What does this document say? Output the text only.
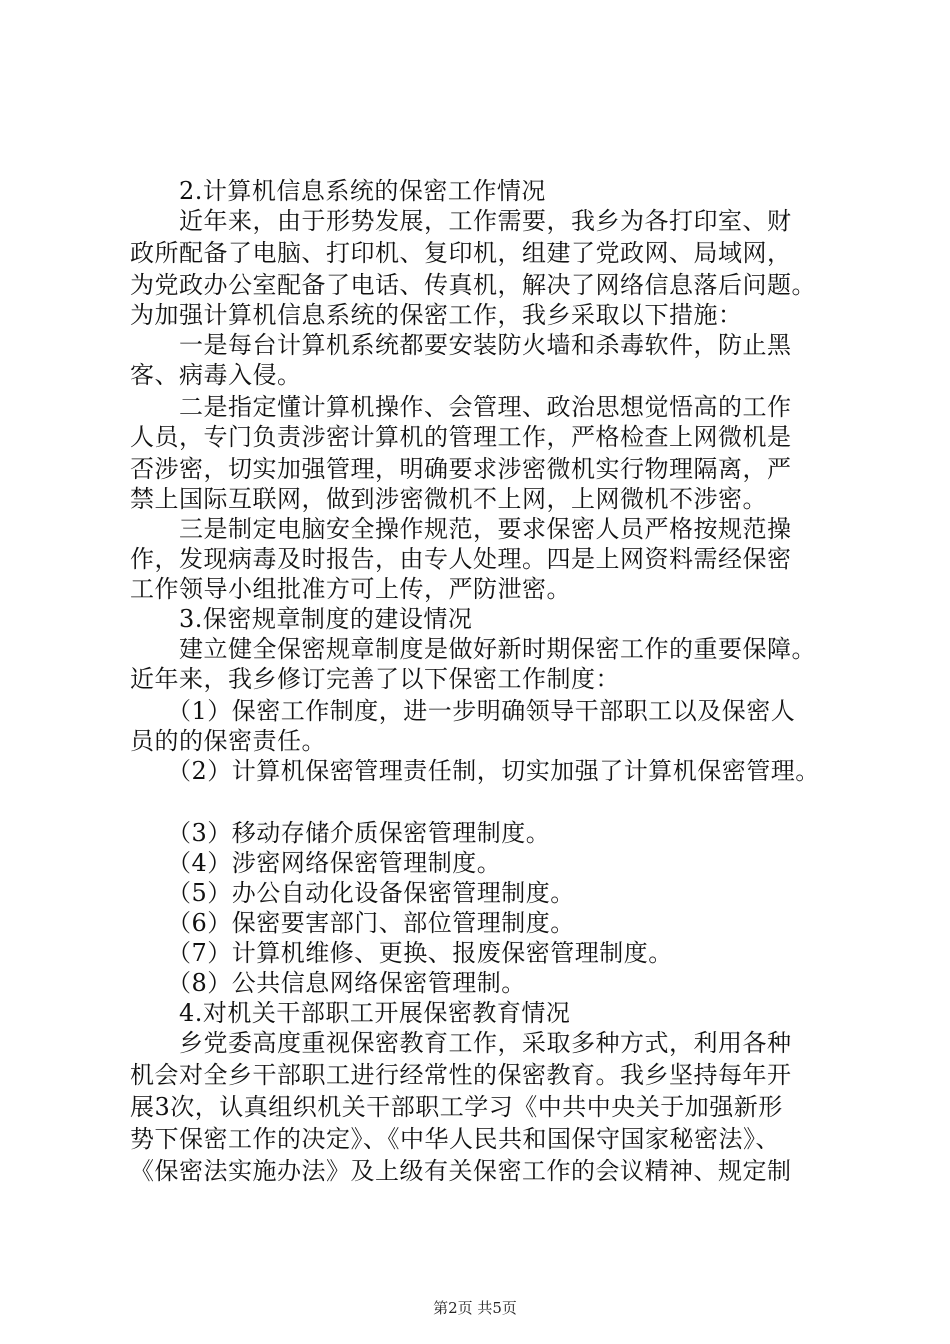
　　2.计算机信息系统的保密工作情况
　　近年来，由于形势发展，工作需要，我乡为各打印室、财
政所配备了电脑、打印机、复印机，组建了党政网、局域网，
为党政办公室配备了电话、传真机，解决了网络信息落后问题。
为加强计算机信息系统的保密工作，我乡采取以下措施：
　　一是每台计算机系统都要安装防火墙和杀毒软件，防止黑
客、病毒入侵。
　　二是指定懂计算机操作、会管理、政治思想觉悟高的工作
人员，专门负责涉密计算机的管理工作，严格检查上网微机是
否涉密，切实加强管理，明确要求涉密微机实行物理隔离，严
禁上国际互联网，做到涉密微机不上网，上网微机不涉密。
　　三是制定电脑安全操作规范，要求保密人员严格按规范操
作，发现病毒及时报告，由专人处理。四是上网资料需经保密
工作领导小组批准方可上传，严防泄密。
　　3.保密规章制度的建设情况
　　建立健全保密规章制度是做好新时期保密工作的重要保障。
近年来，我乡修订完善了以下保密工作制度：
　　（1）保密工作制度，进一步明确领导干部职工以及保密人
员的的保密责任。
　　（2）计算机保密管理责任制，切实加强了计算机保密管理。
　　（3）移动存储介质保密管理制度。
　　（4）涉密网络保密管理制度。
　　（5）办公自动化设备保密管理制度。
　　（6）保密要害部门、部位管理制度。
　　（7）计算机维修、更换、报废保密管理制度。
　　（8）公共信息网络保密管理制。
　　4.对机关干部职工开展保密教育情况
　　乡党委高度重视保密教育工作，采取多种方式，利用各种
机会对全乡干部职工进行经常性的保密教育。我乡坚持每年开
展3次，认真组织机关干部职工学习《中共中央关于加强新形
势下保密工作的决定》、《中华人民共和国保守国家秘密法》、
《保密法实施办法》及上级有关保密工作的会议精神、规定制
第2页 共5页
